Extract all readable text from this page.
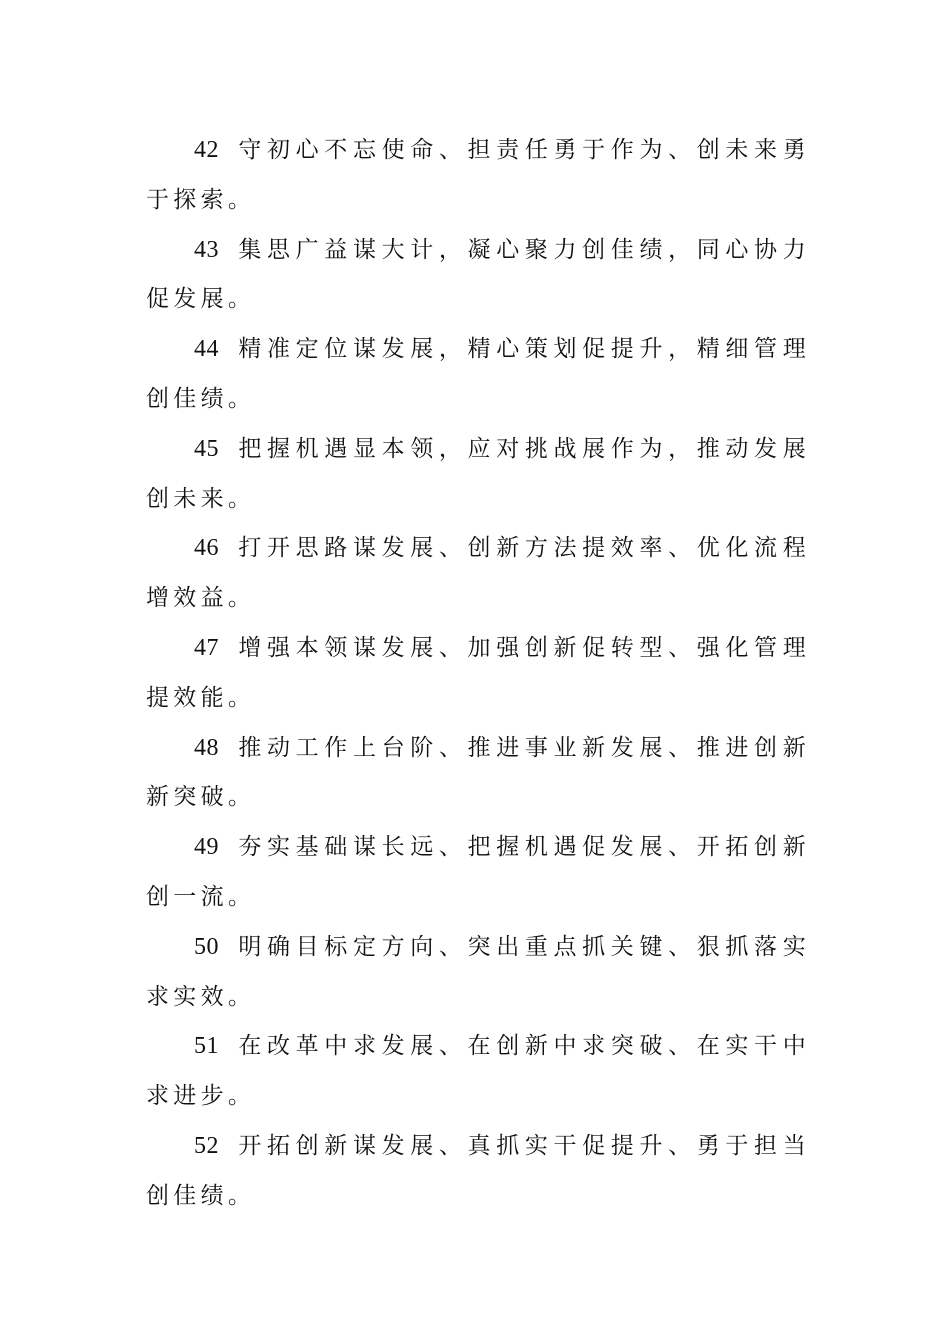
42 守初心不忘使命、担责任勇于作为、创未来勇于探索。

43 集思广益谋大计，凝心聚力创佳绩，同心协力促发展。

44 精准定位谋发展，精心策划促提升，精细管理创佳绩。

45 把握机遇显本领，应对挑战展作为，推动发展创未来。

46 打开思路谋发展、创新方法提效率、优化流程增效益。

47 增强本领谋发展、加强创新促转型、强化管理提效能。

48 推动工作上台阶、推进事业新发展、推进创新新突破。

49 夯实基础谋长远、把握机遇促发展、开拓创新创一流。

50 明确目标定方向、突出重点抓关键、狠抓落实求实效。

51 在改革中求发展、在创新中求突破、在实干中求进步。

52 开拓创新谋发展、真抓实干促提升、勇于担当创佳绩。
